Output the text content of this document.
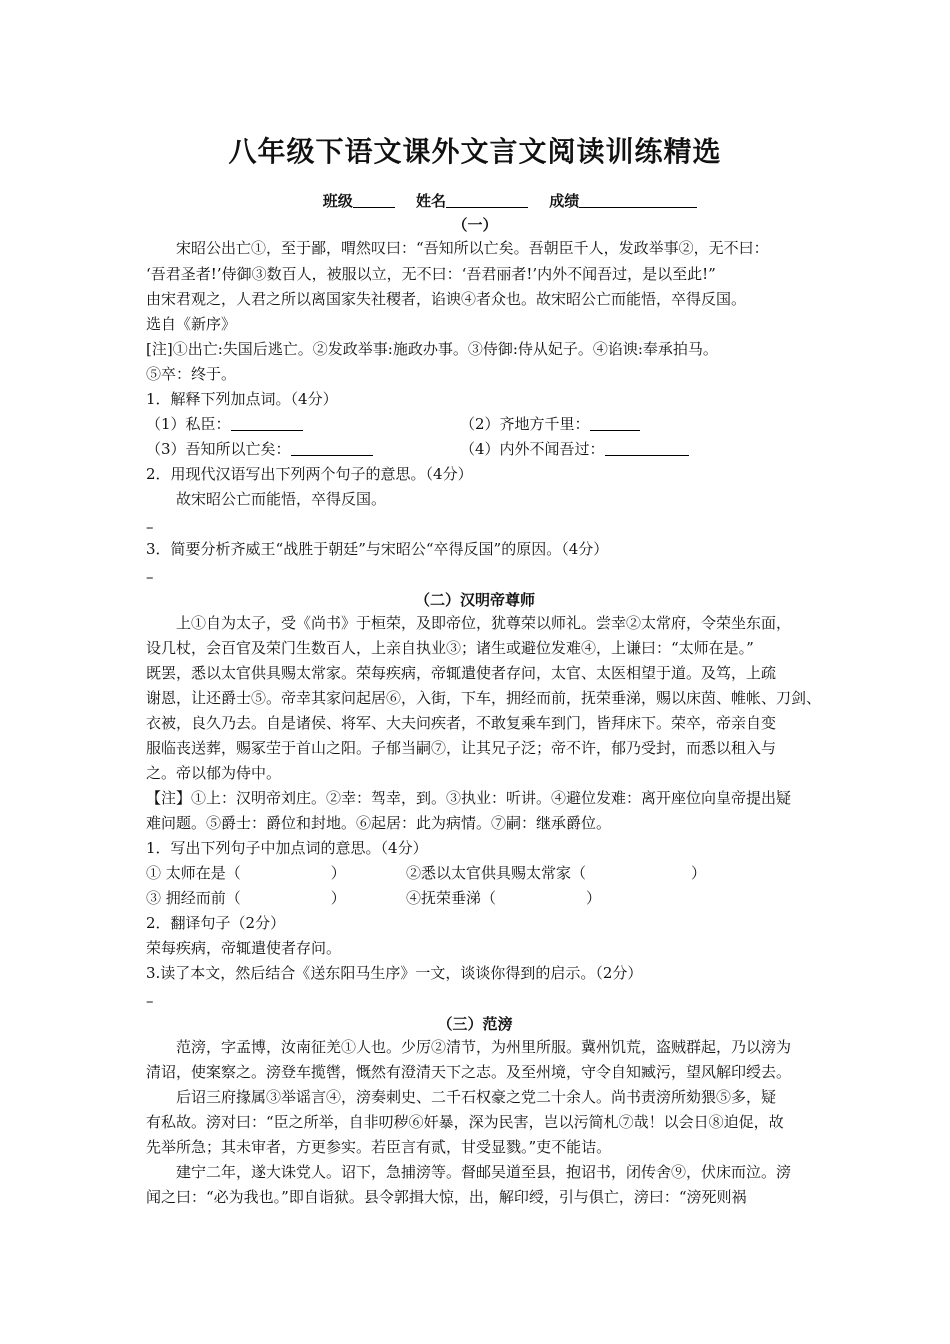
八年级下语文课外文言文阅读训练精选
班级	姓名	成绩
（一）
宋昭公出亡①，至于鄙，喟然叹曰：“吾知所以亡矣。吾朝臣千人，发政举事②，无不曰：
‘吾君圣者!’侍御③数百人，被服以立，无不曰：‘吾君丽者!’内外不闻吾过，是以至此!”
由宋君观之，人君之所以离国家失社稷者，谄谀④者众也。故宋昭公亡而能悟，卒得反国。
选自《新序》
[注]①出亡:失国后逃亡。②发政举事:施政办事。③侍御:侍从妃子。④谄谀:奉承拍马。
⑤卒：终于。
1．解释下列加点词。（4分）
（1）私臣：	（2）齐地方千里：
（3）吾知所以亡矣：	（4）内外不闻吾过：
2．用现代汉语写出下列两个句子的意思。（4分）
故宋昭公亡而能悟，卒得反国。
–
3．简要分析齐威王“战胜于朝廷”与宋昭公“卒得反国”的原因。（4分）
–
（二）汉明帝尊师
上①自为太子，受《尚书》于桓荣，及即帝位，犹尊荣以师礼。尝幸②太常府，令荣坐东面，
设几杖，会百官及荣门生数百人，上亲自执业③；诸生或避位发难④，上谦曰：“太师在是。”
既罢，悉以太官供具赐太常家。荣每疾病，帝辄遣使者存问，太官、太医相望于道。及笃，上疏
谢恩，让还爵士⑤。帝幸其家问起居⑥，入街，下车，拥经而前，抚荣垂涕，赐以床茵、帷帐、刀剑、
衣被，良久乃去。自是诸侯、将军、大夫问疾者，不敢复乘车到门，皆拜床下。荣卒，帝亲自变
服临丧送葬，赐冢茔于首山之阳。子郁当嗣⑦，让其兄子泛；帝不许，郁乃受封，而悉以租入与
之。帝以郁为侍中。
【注】①上：汉明帝刘庄。②幸：驾幸，到。③执业：听讲。④避位发难：离开座位向皇帝提出疑
难问题。⑤爵士：爵位和封地。⑥起居：此为病情。⑦嗣：继承爵位。
1．写出下列句子中加点词的意思。（4分）
① 太师在是（　　　　　　）	②悉以太官供具赐太常家（　　　　　　　）
③ 拥经而前（　　　　　　）	④抚荣垂涕（　　　　　　）
2．翻译句子（2分）
荣每疾病，帝辄遣使者存问。
3.读了本文，然后结合《送东阳马生序》一文，谈谈你得到的启示。（2分）
–
（三）范滂
范滂，字孟博，汝南征羌①人也。少厉②清节，为州里所服。冀州饥荒，盗贼群起，乃以滂为
清诏，使案察之。滂登车揽辔，慨然有澄清天下之志。及至州境，守令自知臧污，望风解印绶去。
后诏三府掾属③举谣言④，滂奏刺史、二千石权豪之党二十余人。尚书责滂所劾猥⑤多，疑
有私故。滂对曰：“臣之所举，自非叨秽⑥奸暴，深为民害，岂以污简札⑦哉！以会日⑧迫促，故
先举所急；其未审者，方更参实。若臣言有贰，甘受显戮。”吏不能诘。
建宁二年，遂大诛党人。诏下，急捕滂等。督邮吴道至县，抱诏书，闭传舍⑨，伏床而泣。滂
闻之曰：“必为我也。”即自诣狱。县令郭揖大惊，出，解印绶，引与俱亡，滂曰：“滂死则祸
